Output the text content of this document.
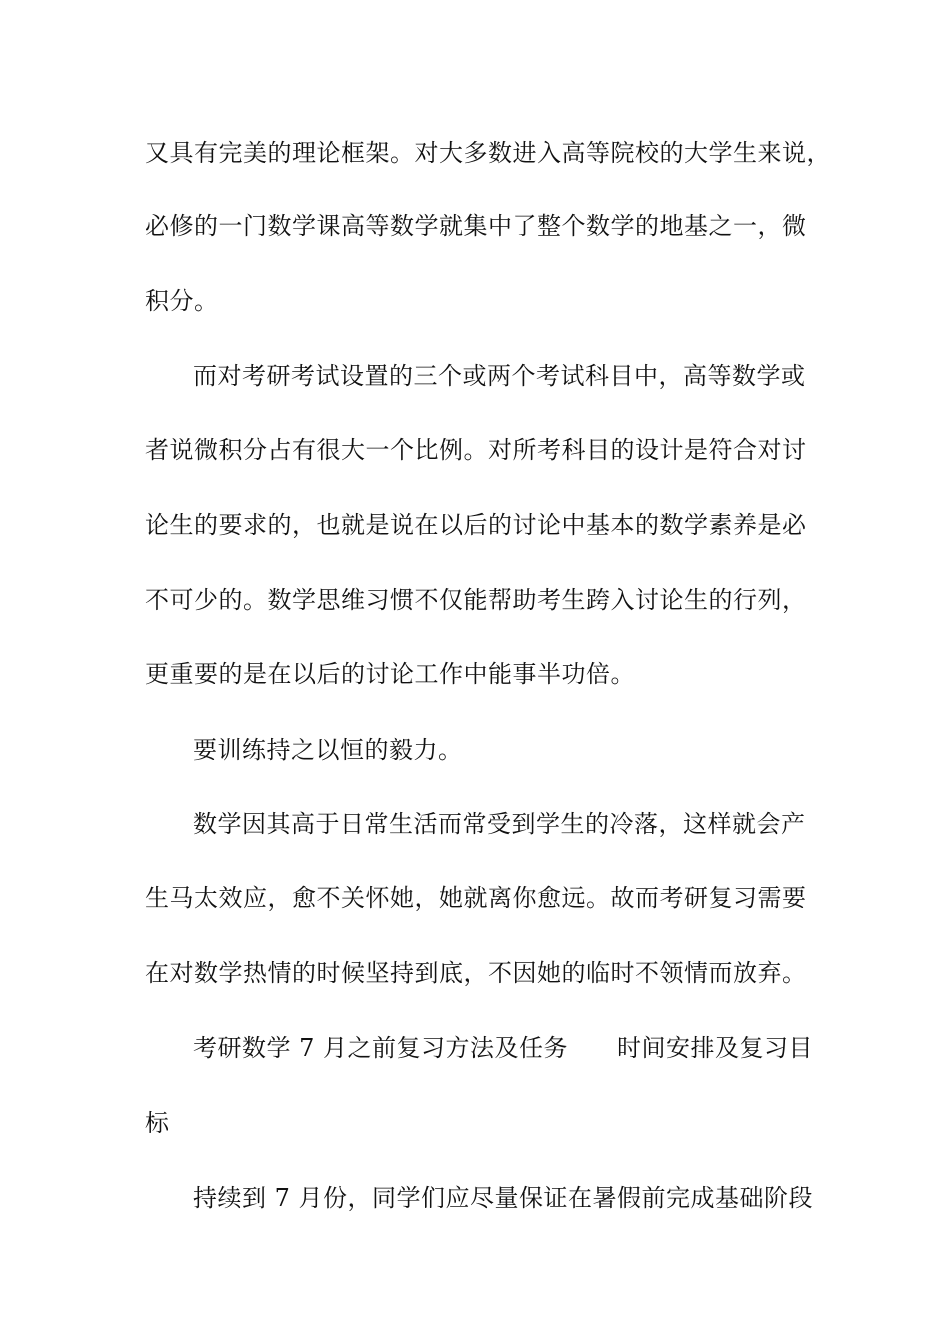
又具有完美的理论框架。对大多数进入高等院校的大学生来说，
必修的一门数学课高等数学就集中了整个数学的地基之一，微
积分。
而对考研考试设置的三个或两个考试科目中，高等数学或
者说微积分占有很大一个比例。对所考科目的设计是符合对讨
论生的要求的，也就是说在以后的讨论中基本的数学素养是必
不可少的。数学思维习惯不仅能帮助考生跨入讨论生的行列，
更重要的是在以后的讨论工作中能事半功倍。
要训练持之以恒的毅力。
数学因其高于日常生活而常受到学生的冷落，这样就会产
生马太效应，愈不关怀她，她就离你愈远。故而考研复习需要
在对数学热情的时候坚持到底，不因她的临时不领情而放弃。
考研数学 7 月之前复习方法及任务　　时间安排及复习目
标
持续到 7 月份，同学们应尽量保证在暑假前完成基础阶段
